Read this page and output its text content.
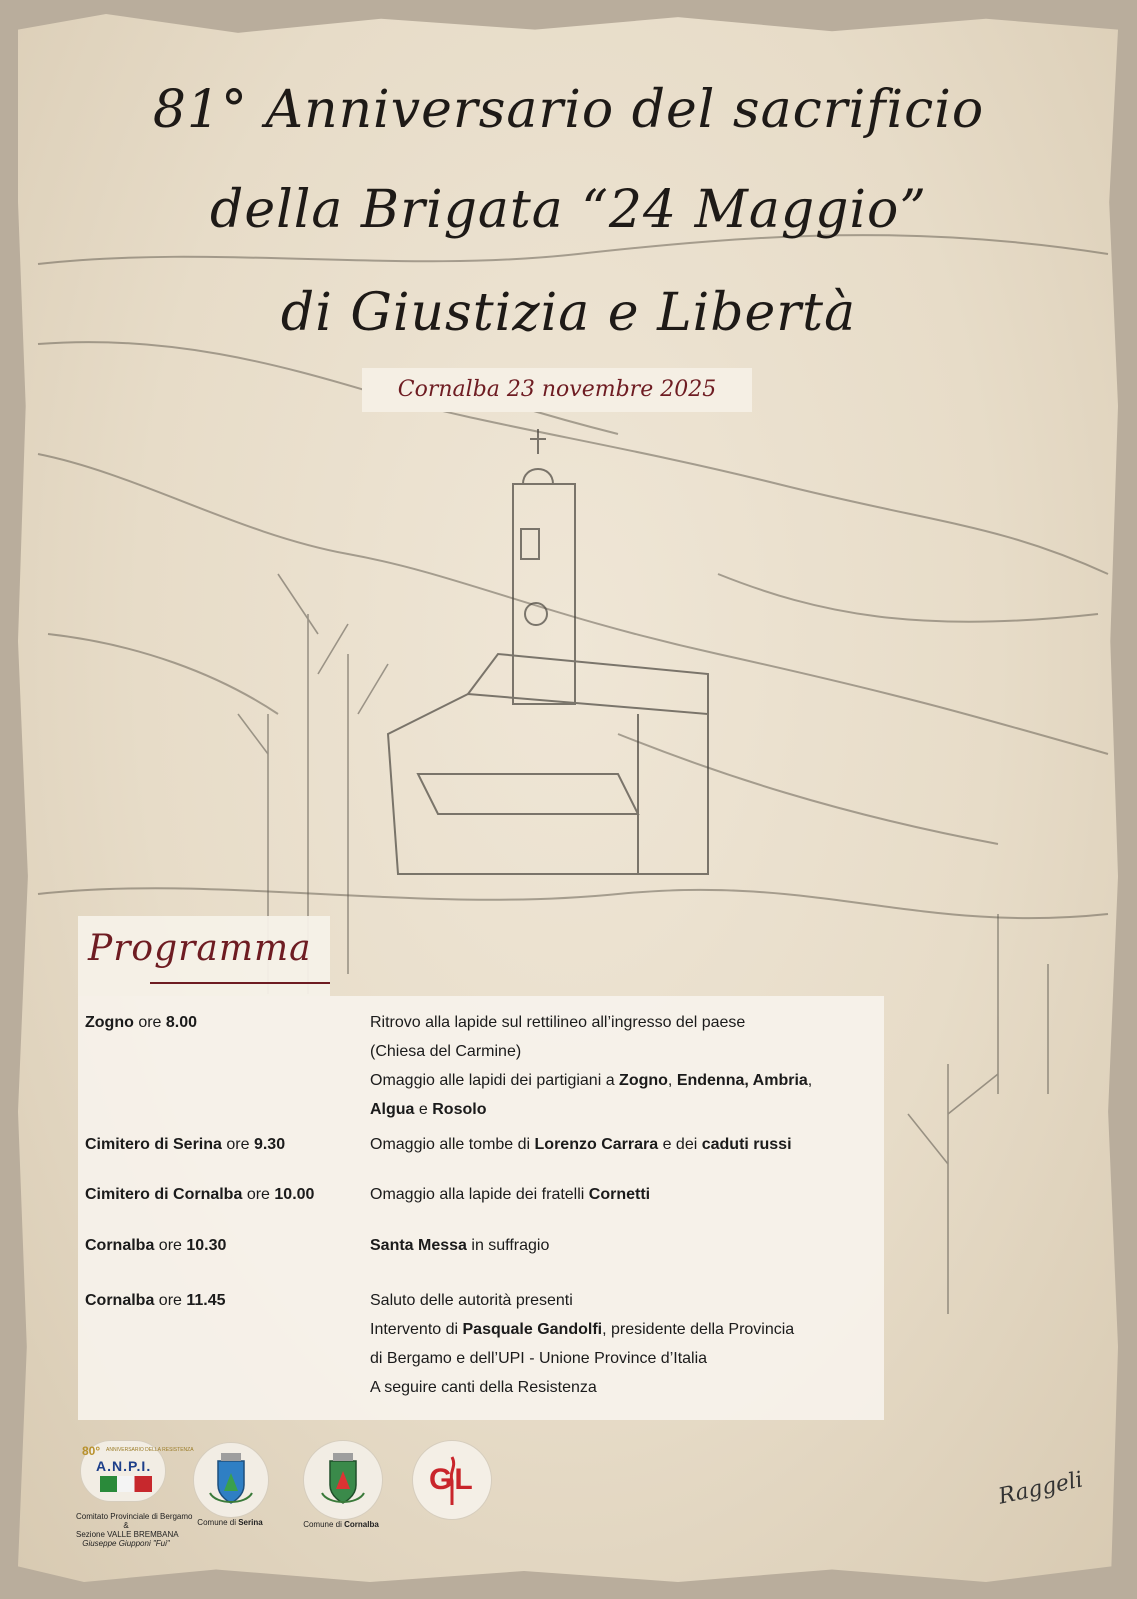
81° Anniversario del sacrificio
della Brigata “24 Maggio”
di Giustizia e Libertà
Cornalba 23 novembre 2025
Programma
Zogno ore 8.00	Ritrovo alla lapide sul rettilineo all’ingresso del paese
(Chiesa del Carmine)
Omaggio alle lapidi dei partigiani a Zogno, Endenna, Ambria,
Algua e Rosolo
Cimitero di Serina ore 9.30	Omaggio alle tombe di Lorenzo Carrara e dei caduti russi
Cimitero di Cornalba ore 10.00	Omaggio alla lapide dei fratelli Cornetti
Cornalba ore 10.30	Santa Messa in suffragio
Cornalba ore 11.45	Saluto delle autorità presenti
Intervento di Pasquale Gandolfi, presidente della Provincia
di Bergamo e dell’UPI - Unione Province d’Italia
A seguire canti della Resistenza
80° ANNIVERSARIO DELLA RESISTENZA
A.N.P.I.
Comitato Provinciale di Bergamo
&
Sezione VALLE BREMBANA
Giuseppe Giupponi "Fui"
Comune di Serina	Comune di Cornalba
GL	Raggeli
